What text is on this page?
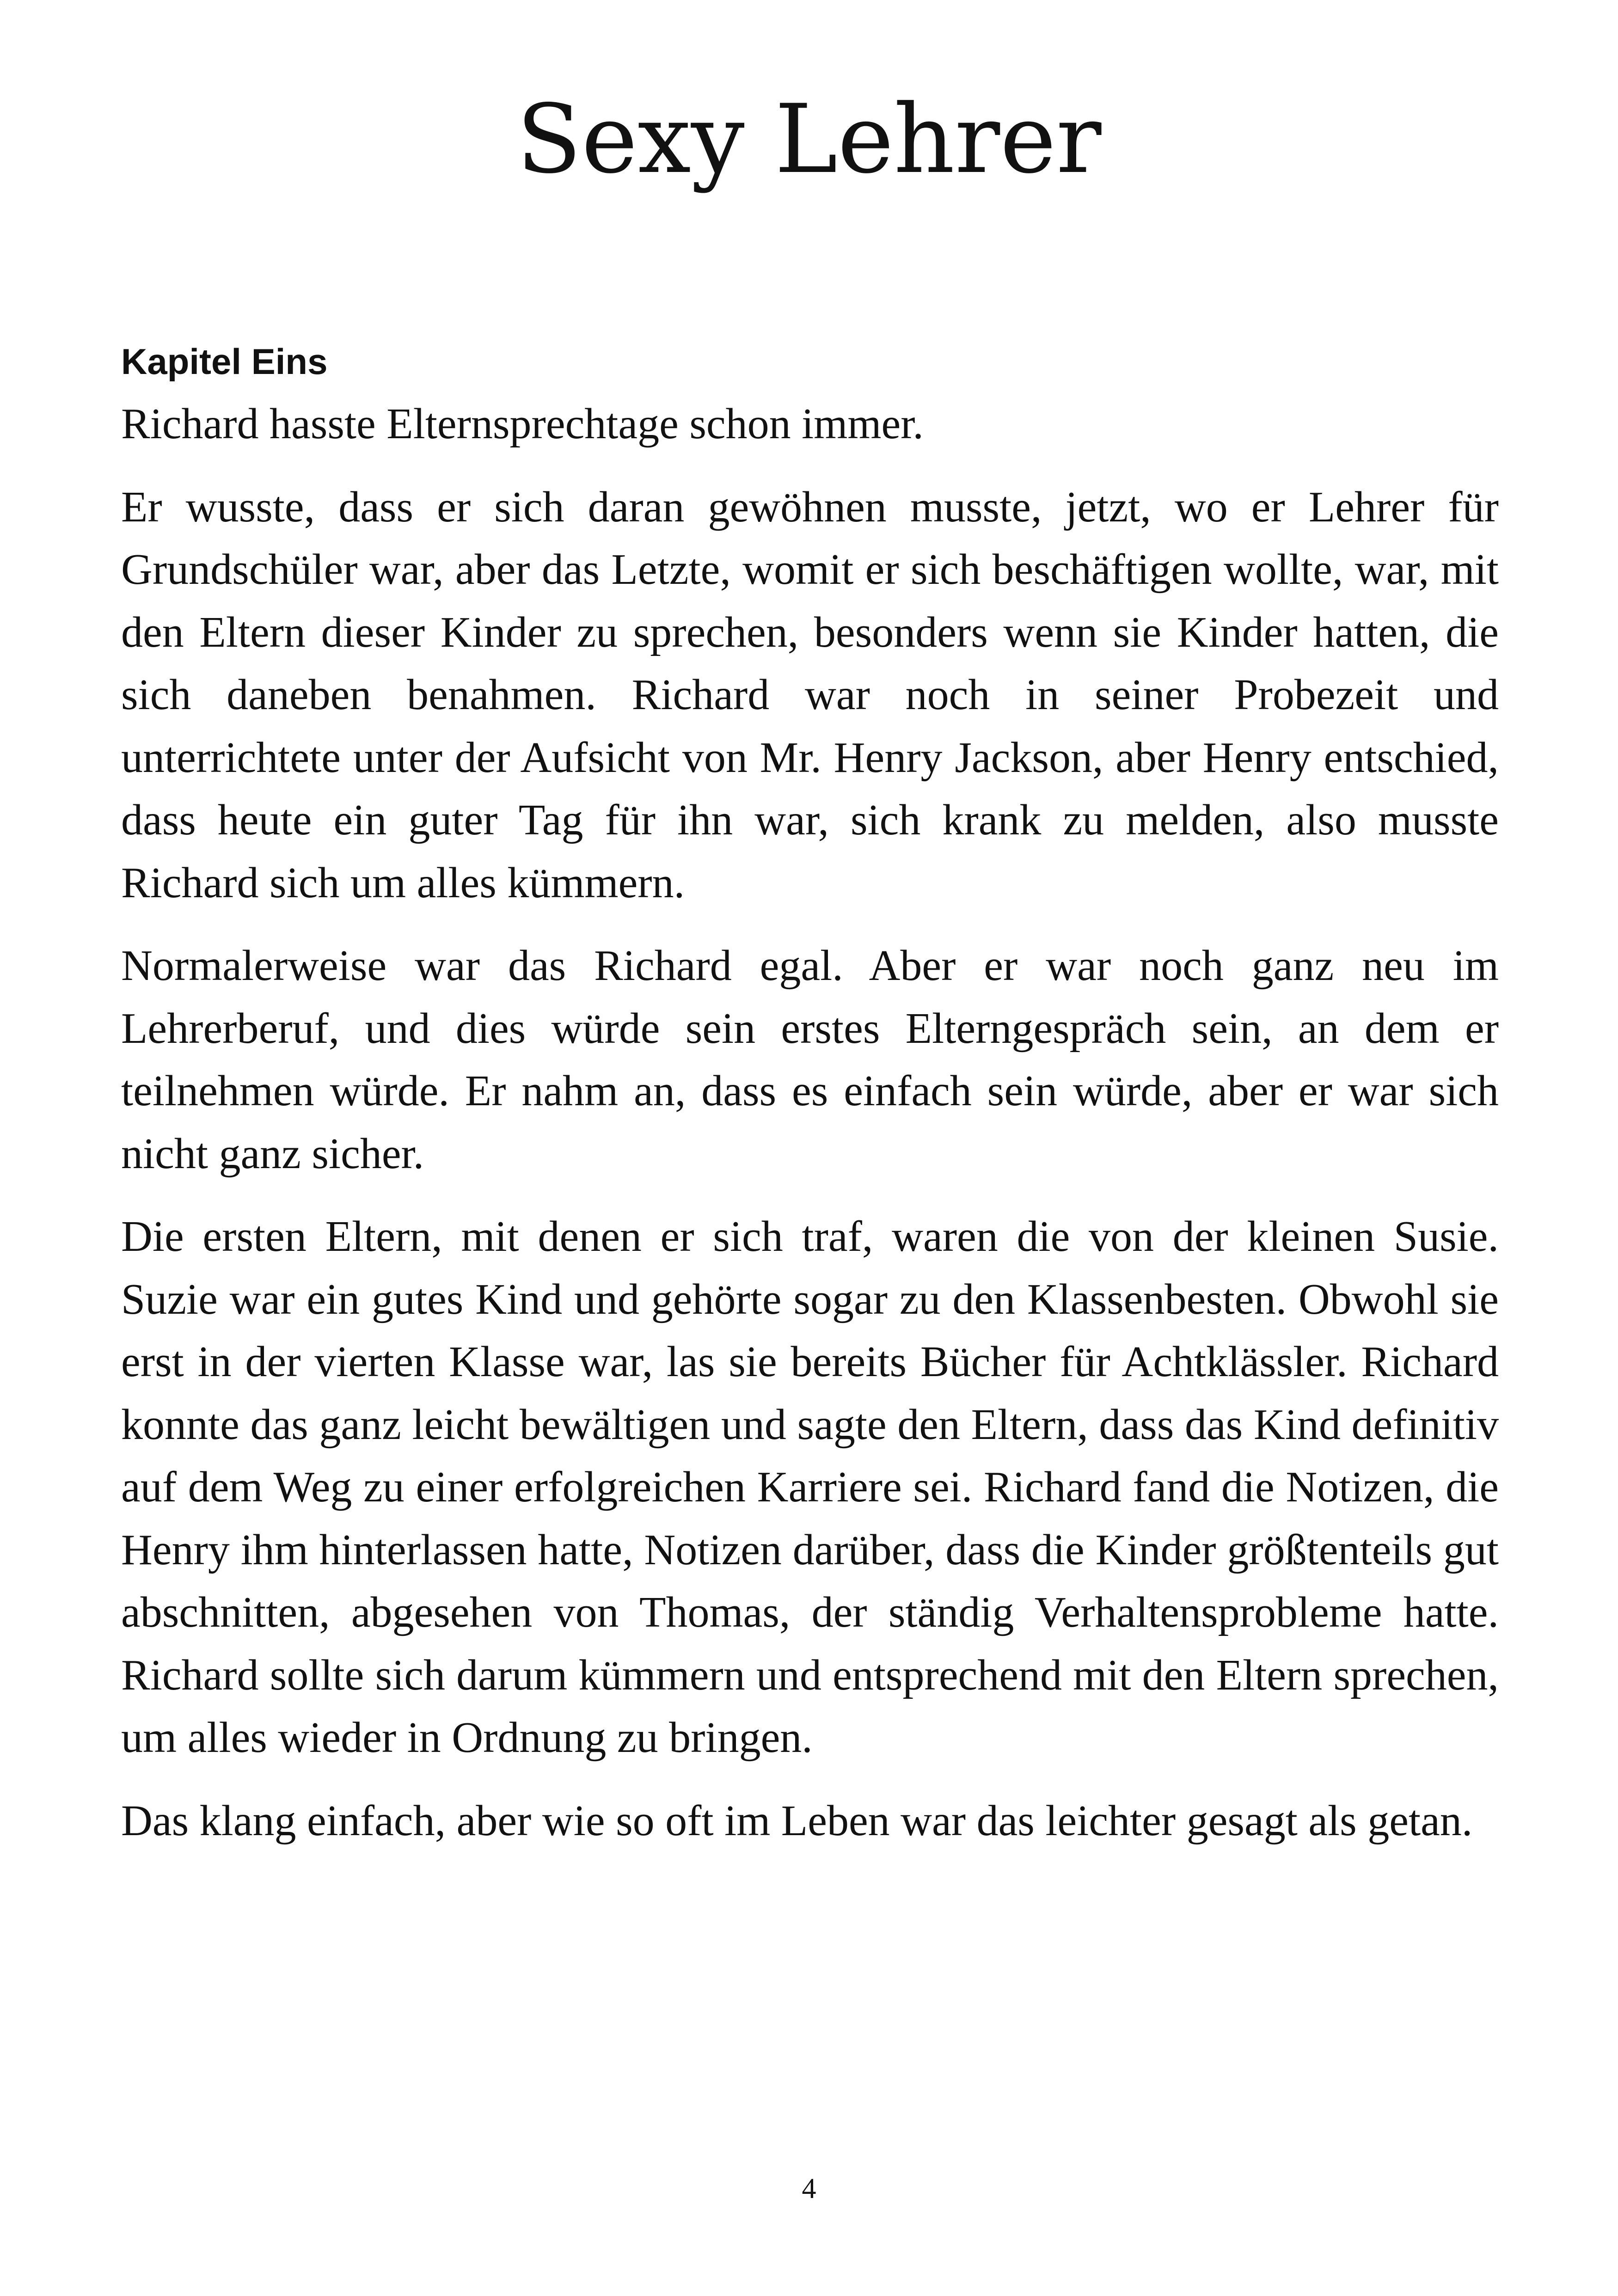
Sexy Lehrer

Kapitel Eins

Richard hasste Elternsprechtage schon immer.

Er wusste, dass er sich daran gewöhnen musste, jetzt, wo er Lehrer für Grundschüler war, aber das Letzte, womit er sich beschäftigen wollte, war, mit den Eltern dieser Kinder zu sprechen, besonders wenn sie Kinder hatten, die sich daneben benahmen. Richard war noch in seiner Probezeit und unterrichtete unter der Aufsicht von Mr. Henry Jackson, aber Henry entschied, dass heute ein guter Tag für ihn war, sich krank zu melden, also musste Richard sich um alles kümmern.

Normalerweise war das Richard egal. Aber er war noch ganz neu im Lehrerberuf, und dies würde sein erstes Elterngespräch sein, an dem er teilnehmen würde. Er nahm an, dass es einfach sein würde, aber er war sich nicht ganz sicher.

Die ersten Eltern, mit denen er sich traf, waren die von der kleinen Susie. Suzie war ein gutes Kind und gehörte sogar zu den Klassenbesten. Obwohl sie erst in der vierten Klasse war, las sie bereits Bücher für Achtklässler. Richard konnte das ganz leicht bewältigen und sagte den Eltern, dass das Kind definitiv auf dem Weg zu einer erfolgreichen Karriere sei. Richard fand die Notizen, die Henry ihm hinterlassen hatte, Notizen darüber, dass die Kinder größtenteils gut abschnitten, abgesehen von Thomas, der ständig Verhaltensprobleme hatte. Richard sollte sich darum kümmern und entsprechend mit den Eltern sprechen, um alles wieder in Ordnung zu bringen.

Das klang einfach, aber wie so oft im Leben war das leichter gesagt als getan.

4
